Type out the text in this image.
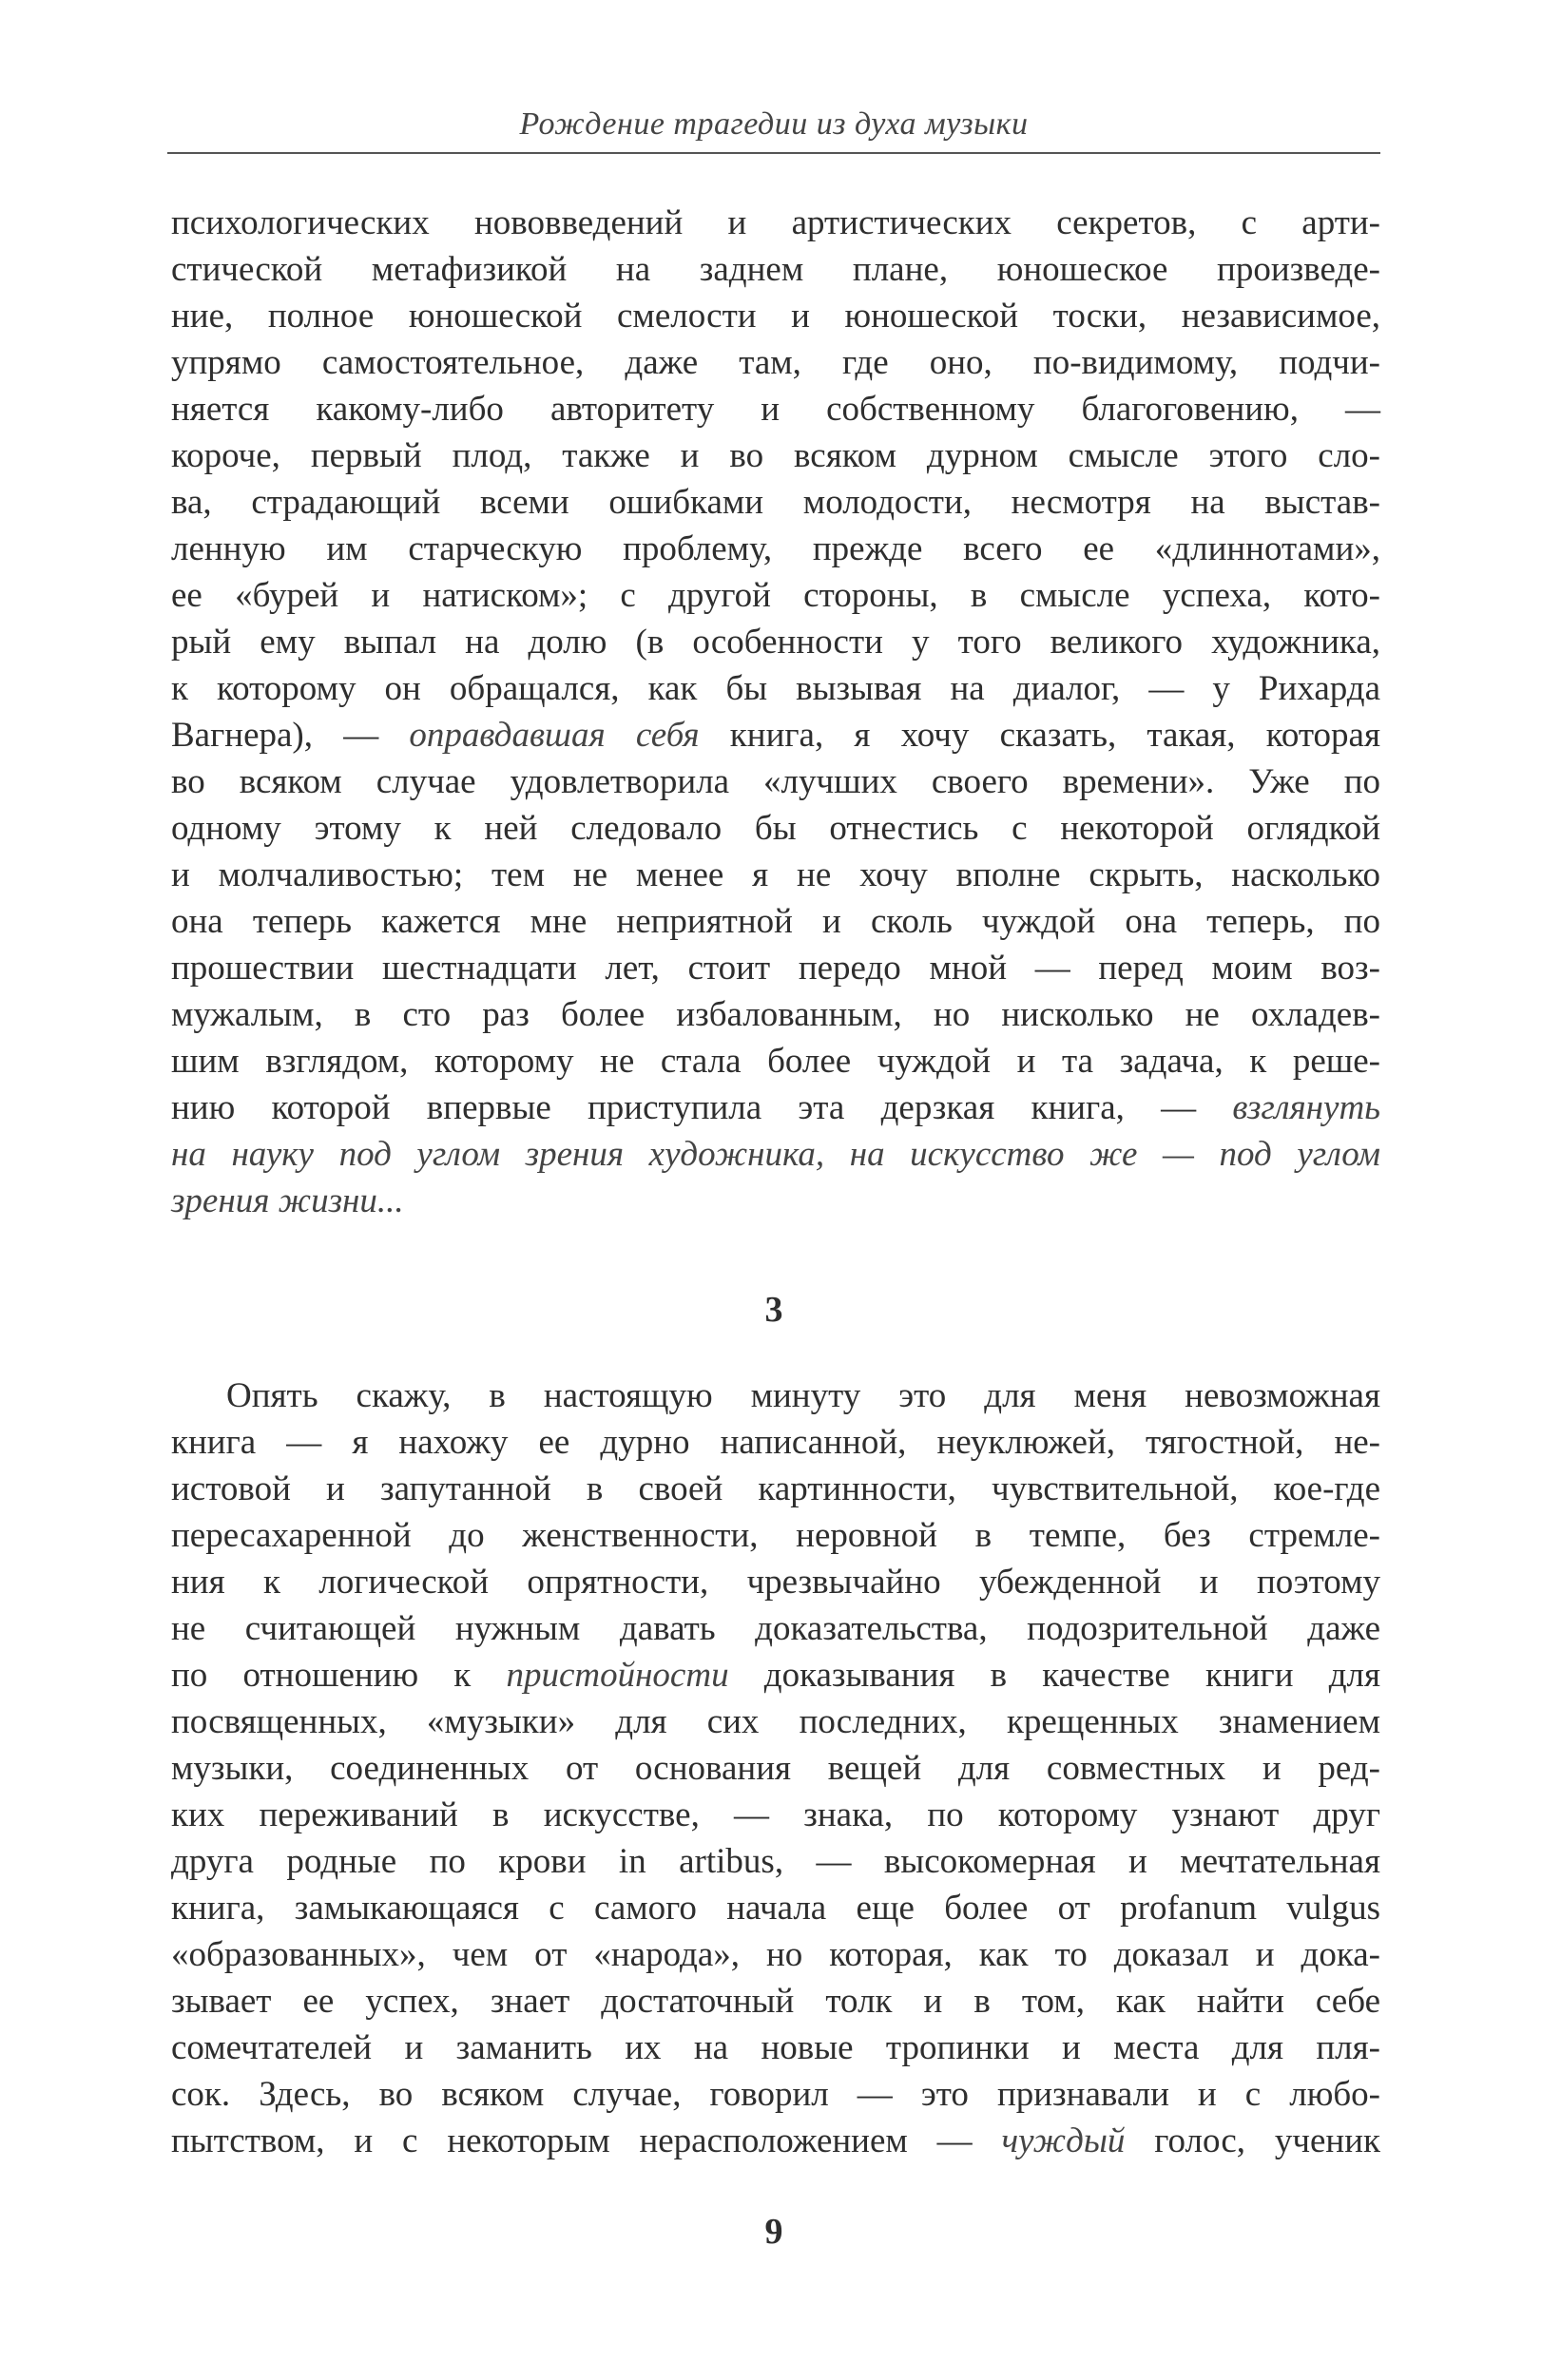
Рождение трагедии из духа музыки
психологических нововведений и артистических секретов, с арти-
стической метафизикой на заднем плане, юношеское произведе-
ние, полное юношеской смелости и юношеской тоски, независимое,
упрямо самостоятельное, даже там, где оно, по-видимому, подчи-
няется какому-либо авторитету и собственному благоговению, —
короче, первый плод, также и во всяком дурном смысле этого сло-
ва, страдающий всеми ошибками молодости, несмотря на выстав-
ленную им старческую проблему, прежде всего ее «длиннотами»,
ее «бурей и натиском»; с другой стороны, в смысле успеха, кото-
рый ему выпал на долю (в особенности у того великого художника,
к которому он обращался, как бы вызывая на диалог, — у Рихарда
Вагнера), — оправдавшая себя книга, я хочу сказать, такая, которая
во всяком случае удовлетворила «лучших своего времени». Уже по
одному этому к ней следовало бы отнестись с некоторой оглядкой
и молчаливостью; тем не менее я не хочу вполне скрыть, насколько
она теперь кажется мне неприятной и сколь чуждой она теперь, по
прошествии шестнадцати лет, стоит передо мной — перед моим воз-
мужалым, в сто раз более избалованным, но нисколько не охладев-
шим взглядом, которому не стала более чуждой и та задача, к реше-
нию которой впервые приступила эта дерзкая книга, — взглянуть
на науку под углом зрения художника, на искусство же — под углом
зрения жизни...
3
Опять скажу, в настоящую минуту это для меня невозможная
книга — я нахожу ее дурно написанной, неуклюжей, тягостной, не-
истовой и запутанной в своей картинности, чувствительной, кое-где
пересахаренной до женственности, неровной в темпе, без стремле-
ния к логической опрятности, чрезвычайно убежденной и поэтому
не считающей нужным давать доказательства, подозрительной даже
по отношению к пристойности доказывания в качестве книги для
посвященных, «музыки» для сих последних, крещенных знамением
музыки, соединенных от основания вещей для совместных и ред-
ких переживаний в искусстве, — знака, по которому узнают друг
друга родные по крови in artibus, — высокомерная и мечтательная
книга, замыкающаяся с самого начала еще более от profanum vulgus
«образованных», чем от «народа», но которая, как то доказал и дока-
зывает ее успех, знает достаточный толк и в том, как найти себе
сомечтателей и заманить их на новые тропинки и места для пля-
сок. Здесь, во всяком случае, говорил — это признавали и с любо-
пытством, и с некоторым нерасположением — чуждый голос, ученик
9
